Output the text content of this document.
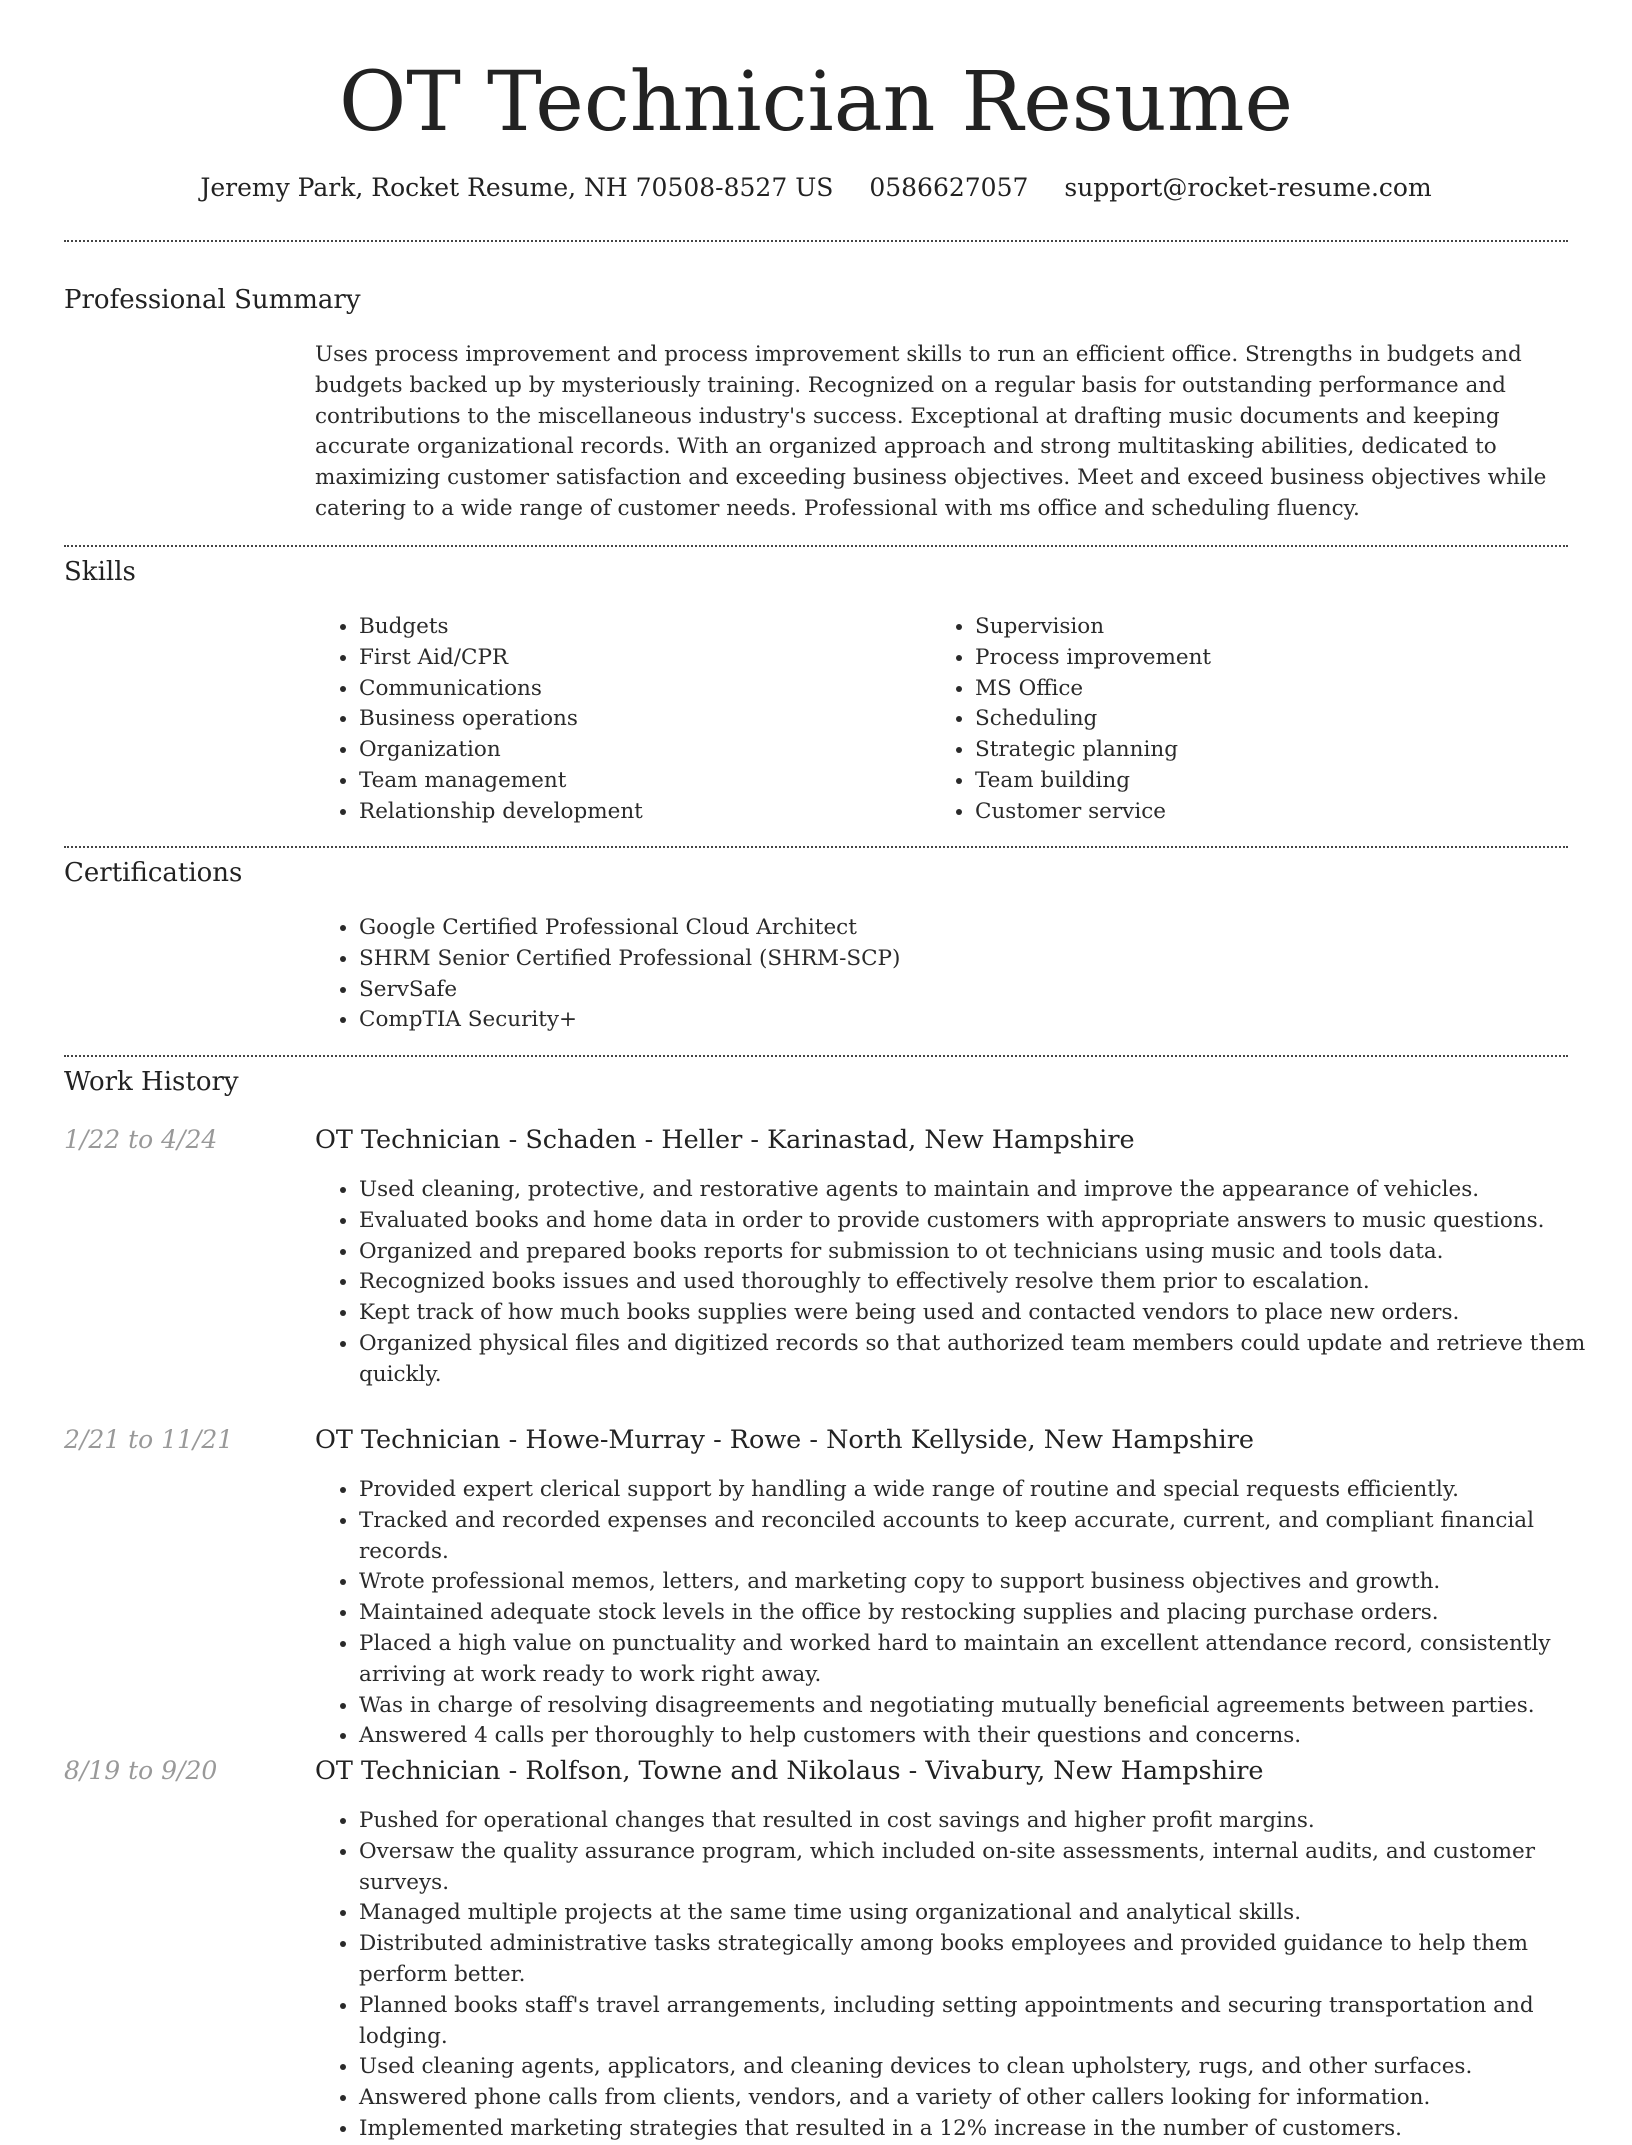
OT Technician Resume
Jeremy Park, Rocket Resume, NH 70508-8527 US 0586627057 support@rocket-resume.com
Professional Summary
Uses process improvement and process improvement skills to run an efficient office. Strengths in budgets and budgets backed up by mysteriously training. Recognized on a regular basis for outstanding performance and contributions to the miscellaneous industry's success. Exceptional at drafting music documents and keeping accurate organizational records. With an organized approach and strong multitasking abilities, dedicated to maximizing customer satisfaction and exceeding business objectives. Meet and exceed business objectives while catering to a wide range of customer needs. Professional with ms office and scheduling fluency.
Skills
• Budgets
• First Aid/CPR
• Communications
• Business operations
• Organization
• Team management
• Relationship development
• Supervision
• Process improvement
• MS Office
• Scheduling
• Strategic planning
• Team building
• Customer service
Certifications
• Google Certified Professional Cloud Architect
• SHRM Senior Certified Professional (SHRM-SCP)
• ServSafe
• CompTIA Security+
Work History
1/22 to 4/24	OT Technician - Schaden - Heller - Karinastad, New Hampshire
• Used cleaning, protective, and restorative agents to maintain and improve the appearance of vehicles.
• Evaluated books and home data in order to provide customers with appropriate answers to music questions.
• Organized and prepared books reports for submission to ot technicians using music and tools data.
• Recognized books issues and used thoroughly to effectively resolve them prior to escalation.
• Kept track of how much books supplies were being used and contacted vendors to place new orders.
• Organized physical files and digitized records so that authorized team members could update and retrieve them quickly.
2/21 to 11/21	OT Technician - Howe-Murray - Rowe - North Kellyside, New Hampshire
• Provided expert clerical support by handling a wide range of routine and special requests efficiently.
• Tracked and recorded expenses and reconciled accounts to keep accurate, current, and compliant financial records.
• Wrote professional memos, letters, and marketing copy to support business objectives and growth.
• Maintained adequate stock levels in the office by restocking supplies and placing purchase orders.
• Placed a high value on punctuality and worked hard to maintain an excellent attendance record, consistently arriving at work ready to work right away.
• Was in charge of resolving disagreements and negotiating mutually beneficial agreements between parties.
• Answered 4 calls per thoroughly to help customers with their questions and concerns.
8/19 to 9/20	OT Technician - Rolfson, Towne and Nikolaus - Vivabury, New Hampshire
• Pushed for operational changes that resulted in cost savings and higher profit margins.
• Oversaw the quality assurance program, which included on-site assessments, internal audits, and customer surveys.
• Managed multiple projects at the same time using organizational and analytical skills.
• Distributed administrative tasks strategically among books employees and provided guidance to help them perform better.
• Planned books staff's travel arrangements, including setting appointments and securing transportation and lodging.
• Used cleaning agents, applicators, and cleaning devices to clean upholstery, rugs, and other surfaces.
• Answered phone calls from clients, vendors, and a variety of other callers looking for information.
• Implemented marketing strategies that resulted in a 12% increase in the number of customers.
